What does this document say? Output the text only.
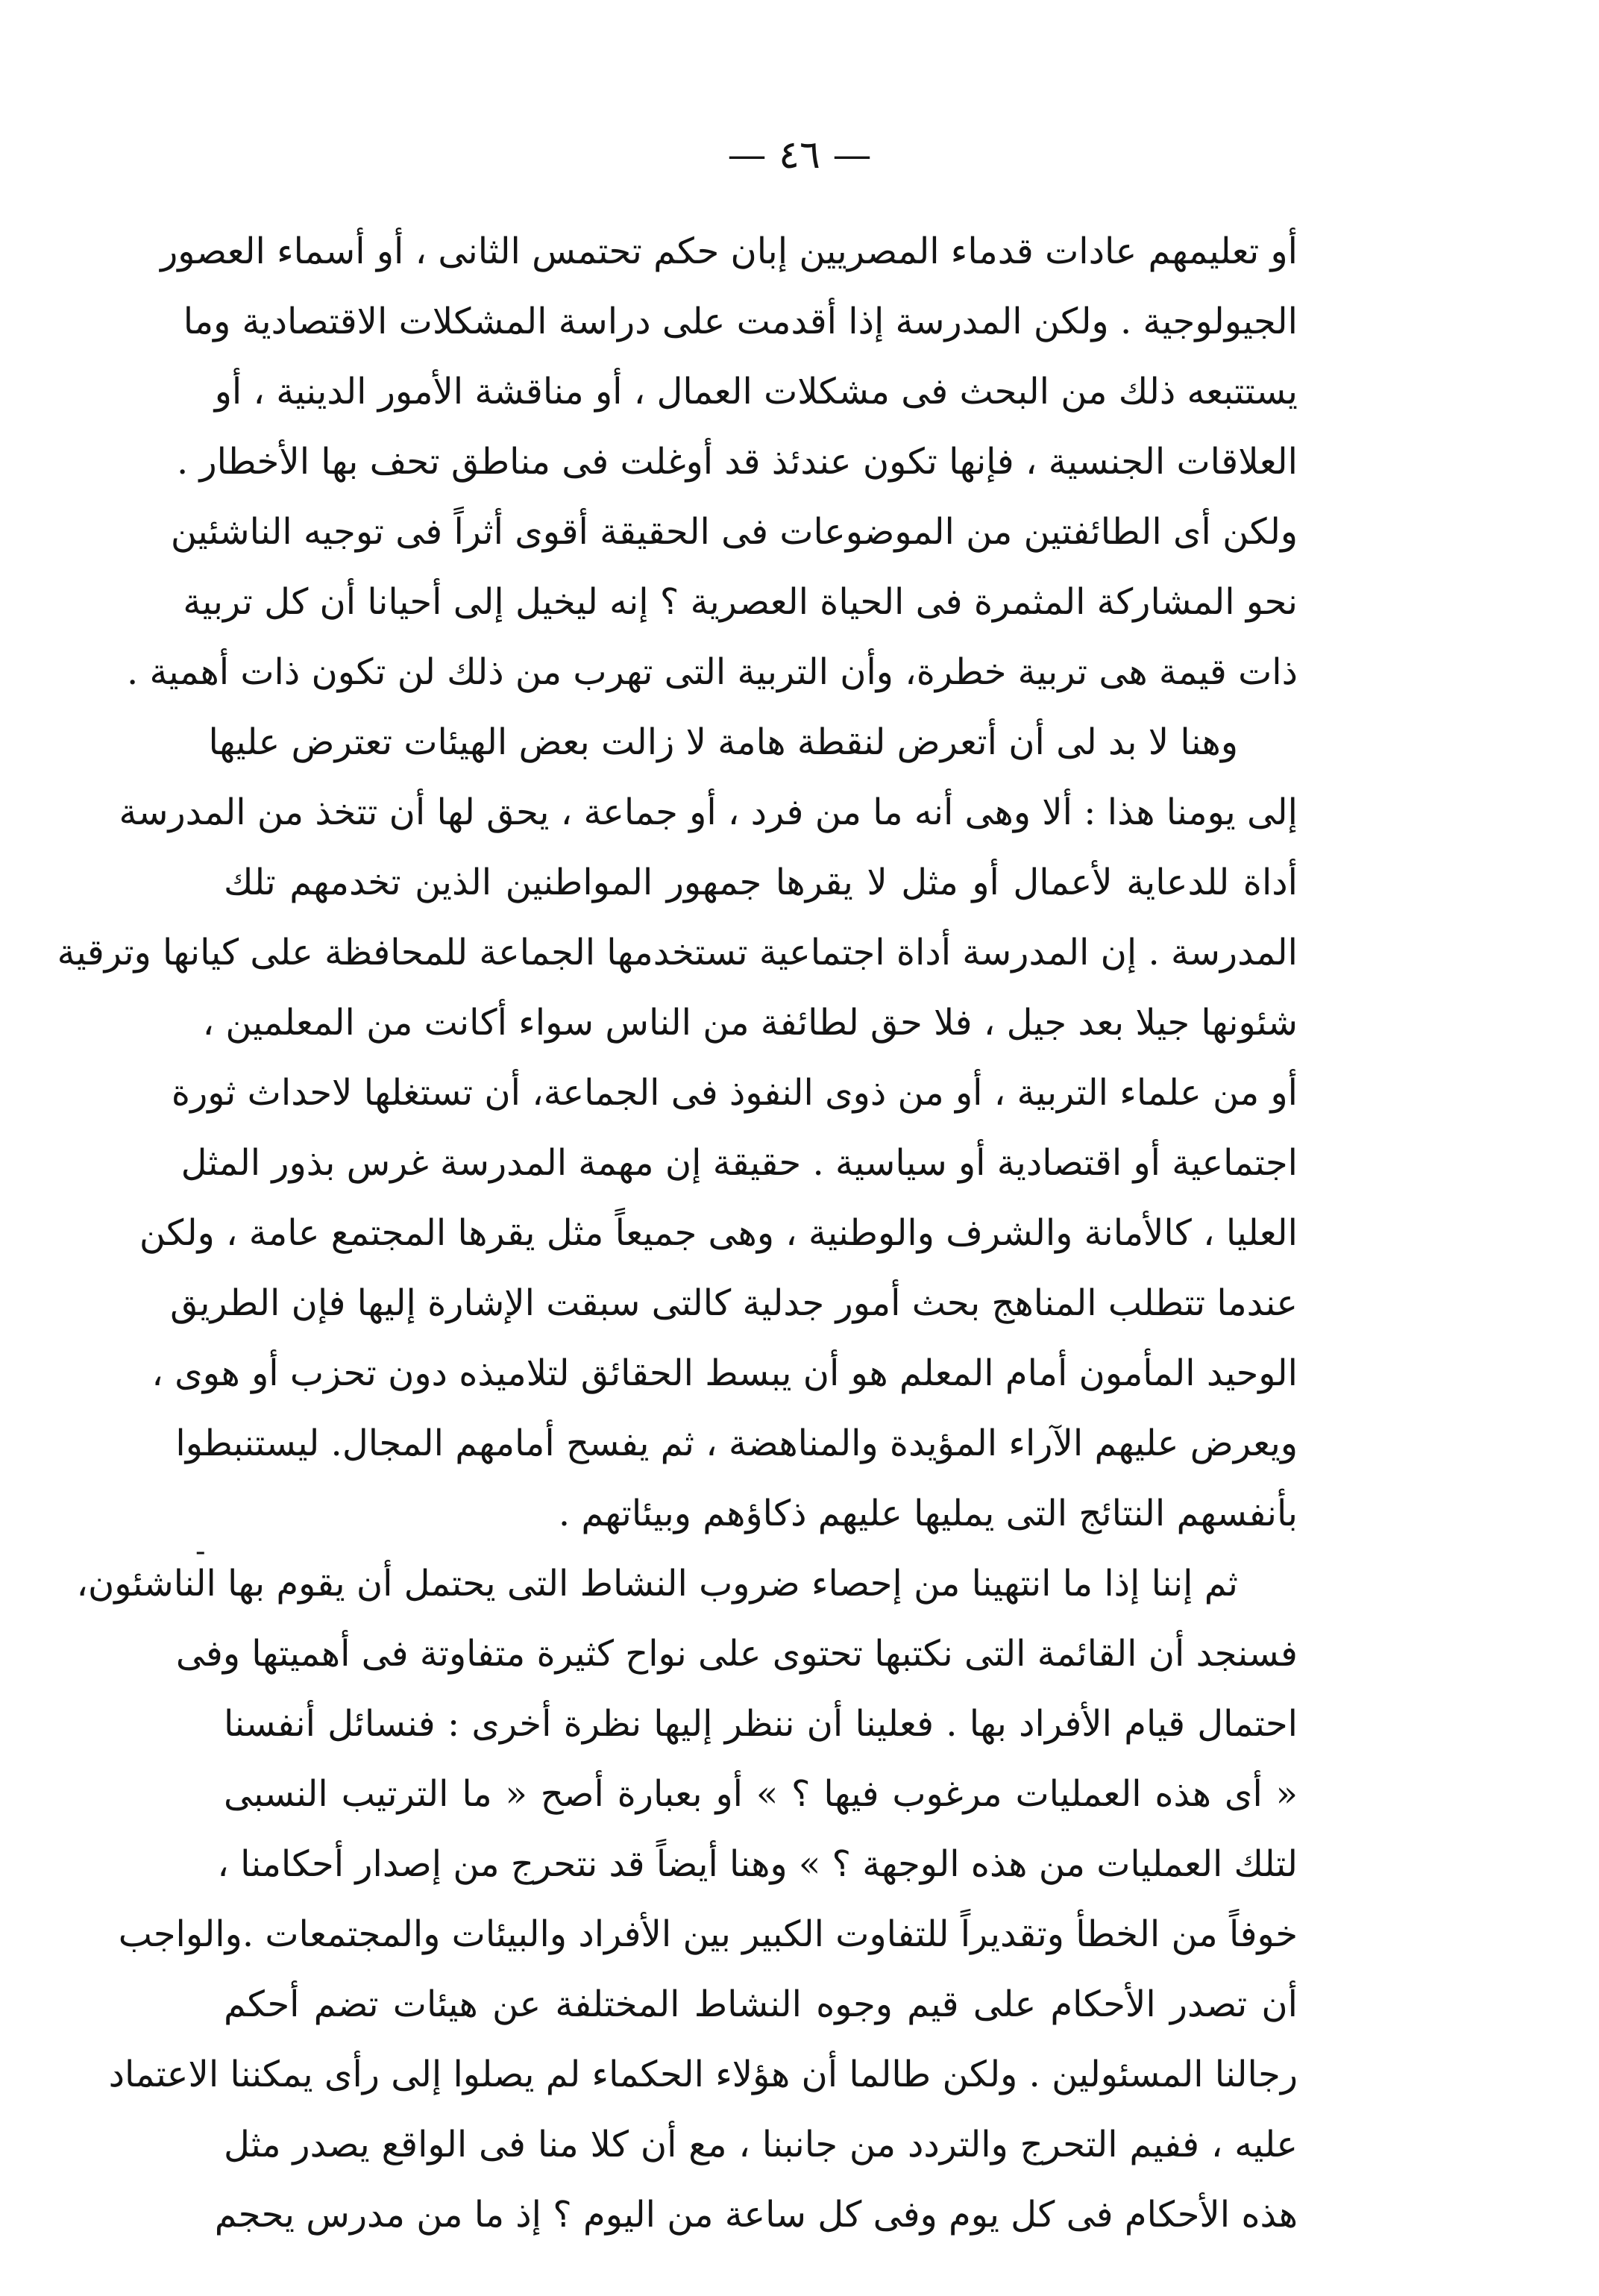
— ٤٦ —
أو تعليمهم عادات قدماء المصريين إبان حكم تحتمس الثانى ، أو أسماء العصور
الجيولوجية . ولكن المدرسة إذا أقدمت على دراسة المشكلات الاقتصادية وما
يستتبعه ذلك من البحث فى مشكلات العمال ، أو مناقشة الأمور الدينية ، أو
العلاقات الجنسية ، فإنها تكون عندئذ قد أوغلت فى مناطق تحف بها الأخطار .
ولكن أى الطائفتين من الموضوعات فى الحقيقة أقوى أثراً فى توجيه الناشئين
نحو المشاركة المثمرة فى الحياة العصرية ؟ إنه ليخيل إلى أحيانا أن كل تربية
ذات قيمة هى تربية خطرة، وأن التربية التى تهرب من ذلك لن تكون ذات أهمية .
وهنا لا بد لى أن أتعرض لنقطة هامة لا زالت بعض الهيئات تعترض عليها
إلى يومنا هذا : ألا وهى أنه ما من فرد ، أو جماعة ، يحق لها أن تتخذ من المدرسة
أداة للدعاية لأعمال أو مثل لا يقرها جمهور المواطنين الذين تخدمهم تلك
المدرسة . إن المدرسة أداة اجتماعية تستخدمها الجماعة للمحافظة على كيانها وترقية
شئونها جيلا بعد جيل ، فلا حق لطائفة من الناس سواء أكانت من المعلمين ،
أو من علماء التربية ، أو من ذوى النفوذ فى الجماعة، أن تستغلها لاحداث ثورة
اجتماعية أو اقتصادية أو سياسية . حقيقة إن مهمة المدرسة غرس بذور المثل
العليا ، كالأمانة والشرف والوطنية ، وهى جميعاً مثل يقرها المجتمع عامة ، ولكن
عندما تتطلب المناهج بحث أمور جدلية كالتى سبقت الإشارة إليها فإن الطريق
الوحيد المأمون أمام المعلم هو أن يبسط الحقائق لتلاميذه دون تحزب أو هوى ،
ويعرض عليهم الآراء المؤيدة والمناهضة ، ثم يفسح أمامهم المجال. ليستنبطوا
بأنفسهم النتائج التى يمليها عليهم ذكاؤهم وبيئاتهم .
ثم إننا إذا ما انتهينا من إحصاء ضروب النشاط التى يحتمل أن يقوم بها الناشئون،
فسنجد أن القائمة التى نكتبها تحتوى على نواح كثيرة متفاوتة فى أهميتها وفى
احتمال قيام الأفراد بها . فعلينا أن ننظر إليها نظرة أخرى : فنسائل أنفسنا
« أى هذه العمليات مرغوب فيها ؟ » أو بعبارة أصح « ما الترتيب النسبى
لتلك العمليات من هذه الوجهة ؟ » وهنا أيضاً قد نتحرج من إصدار أحكامنا ،
خوفاً من الخطأ وتقديراً للتفاوت الكبير بين الأفراد والبيئات والمجتمعات .والواجب
أن تصدر الأحكام على قيم وجوه النشاط المختلفة عن هيئات تضم أحكم
رجالنا المسئولين . ولكن طالما أن هؤلاء الحكماء لم يصلوا إلى رأى يمكننا الاعتماد
عليه ، ففيم التحرج والتردد من جانبنا ، مع أن كلا منا فى الواقع يصدر مثل
هذه الأحكام فى كل يوم وفى كل ساعة من اليوم ؟ إذ ما من مدرس يحجم
-
